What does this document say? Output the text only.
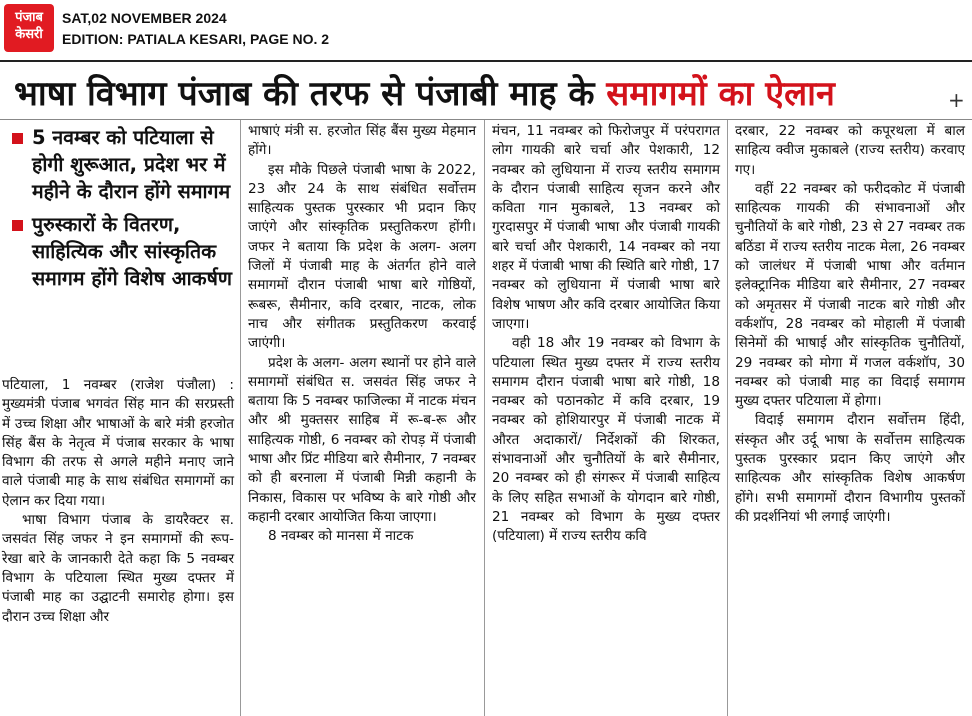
पंजाब
केसरी
SAT,02 NOVEMBER 2024
EDITION: PATIALA KESARI, PAGE NO. 2
भाषा विभाग पंजाब की तरफ से पंजाबी माह के समागमों का ऐलान	+
5 नवम्बर को पटियाला से होगी शुरूआत, प्रदेश भर में महीने के दौरान होंगे समागम
पुरुस्कारों के वितरण, साहित्यिक और सांस्कृतिक समागम होंगे विशेष आकर्षण

पटियाला, 1 नवम्बर (राजेश पंजौला) : मुख्यमंत्री पंजाब भगवंत सिंह मान की सरप्रस्ती में उच्च शिक्षा और भाषाओं के बारे मंत्री हरजोत सिंह बैंस के नेतृत्व में पंजाब सरकार के भाषा विभाग की तरफ से अगले महीने मनाए जाने वाले पंजाबी माह के साथ संबंधित समागमों का ऐलान कर दिया गया।

भाषा विभाग पंजाब के डायरैक्टर स. जसवंत सिंह जफर ने इन समागमों की रूप- रेखा बारे के जानकारी देते कहा कि 5 नवम्बर विभाग के पटियाला स्थित मुख्य दफ्तर में पंजाबी माह का उद्घाटनी समारोह होगा। इस दौरान उच्च शिक्षा और

भाषाएं मंत्री स. हरजोत सिंह बैंस मुख्य मेहमान होंगे।

इस मौके पिछले पंजाबी भाषा के 2022, 23 और 24 के साथ संबंधित सर्वोत्तम साहित्यक पुस्तक पुरस्कार भी प्रदान किए जाएंगे और सांस्कृतिक प्रस्तुतिकरण होंगी। जफर ने बताया कि प्रदेश के अलग- अलग जिलों में पंजाबी माह के अंतर्गत होने वाले समागमों दौरान पंजाबी भाषा बारे गोष्ठियों, रूबरू, सैमीनार, कवि दरबार, नाटक, लोक नाच और संगीतक प्रस्तुतिकरण करवाई जाएंगी।

प्रदेश के अलग- अलग स्थानों पर होने वाले समागमों संबंधित स. जसवंत सिंह जफर ने बताया कि 5 नवम्बर फाजिल्का में नाटक मंचन और श्री मुक्तसर साहिब में रू-ब-रू और साहित्यक गोष्ठी, 6 नवम्बर को रोपड़ में पंजाबी भाषा और प्रिंट मीडिया बारे सैमीनार, 7 नवम्बर को ही बरनाला में पंजाबी मिन्नी कहानी के निकास, विकास पर भविष्य के बारे गोष्ठी और कहानी दरबार आयोजित किया जाएगा।

8 नवम्बर को मानसा में नाटक

मंचन, 11 नवम्बर को फिरोजपुर में परंपरागत लोग गायकी बारे चर्चा और पेशकारी, 12 नवम्बर को लुधियाना में राज्य स्तरीय समागम के दौरान पंजाबी साहित्य सृजन करने और कविता गान मुकाबले, 13 नवम्बर को गुरदासपुर में पंजाबी भाषा और पंजाबी गायकी बारे चर्चा और पेशकारी, 14 नवम्बर को नया शहर में पंजाबी भाषा की स्थिति बारे गोष्ठी, 17 नवम्बर को लुधियाना में पंजाबी भाषा बारे विशेष भाषण और कवि दरबार आयोजित किया जाएगा।

वही 18 और 19 नवम्बर को विभाग के पटियाला स्थित मुख्य दफ्तर में राज्य स्तरीय समागम दौरान पंजाबी भाषा बारे गोष्ठी, 18 नवम्बर को पठानकोट में कवि दरबार, 19 नवम्बर को होशियारपुर में पंजाबी नाटक में औरत अदाकारों/ निर्देशकों की शिरकत, संभावनाओं और चुनौतियों के बारे सैमीनार, 20 नवम्बर को ही संगरूर में पंजाबी साहित्य के लिए सहित सभाओं के योगदान बारे गोष्ठी, 21 नवम्बर को विभाग के मुख्य दफ्तर (पटियाला) में राज्य स्तरीय कवि

दरबार, 22 नवम्बर को कपूरथला में बाल साहित्य क्वीज मुकाबले (राज्य स्तरीय) करवाए गए।

वहीं 22 नवम्बर को फरीदकोट में पंजाबी साहित्यक गायकी की संभावनाओं और चुनौतियों के बारे गोष्ठी, 23 से 27 नवम्बर तक बठिंडा में राज्य स्तरीय नाटक मेला, 26 नवम्बर को जालंधर में पंजाबी भाषा और वर्तमान इलेक्ट्रानिक मीडिया बारे सैमीनार, 27 नवम्बर को अमृतसर में पंजाबी नाटक बारे गोष्ठी और वर्कशॉप, 28 नवम्बर को मोहाली में पंजाबी सिनेमों की भाषाई और सांस्कृतिक चुनौतियों, 29 नवम्बर को मोगा में गजल वर्कशॉप, 30 नवम्बर को पंजाबी माह का विदाई समागम मुख्य दफ्तर पटियाला में होगा।

विदाई समागम दौरान सर्वोत्तम हिंदी, संस्कृत और उर्दू भाषा के सर्वोत्तम साहित्यक पुस्तक पुरस्कार प्रदान किए जाएंगे और साहित्यक और सांस्कृतिक विशेष आकर्षण होंगे। सभी समागमों दौरान विभागीय पुस्तकों की प्रदर्शनियां भी लगाई जाएंगी।
